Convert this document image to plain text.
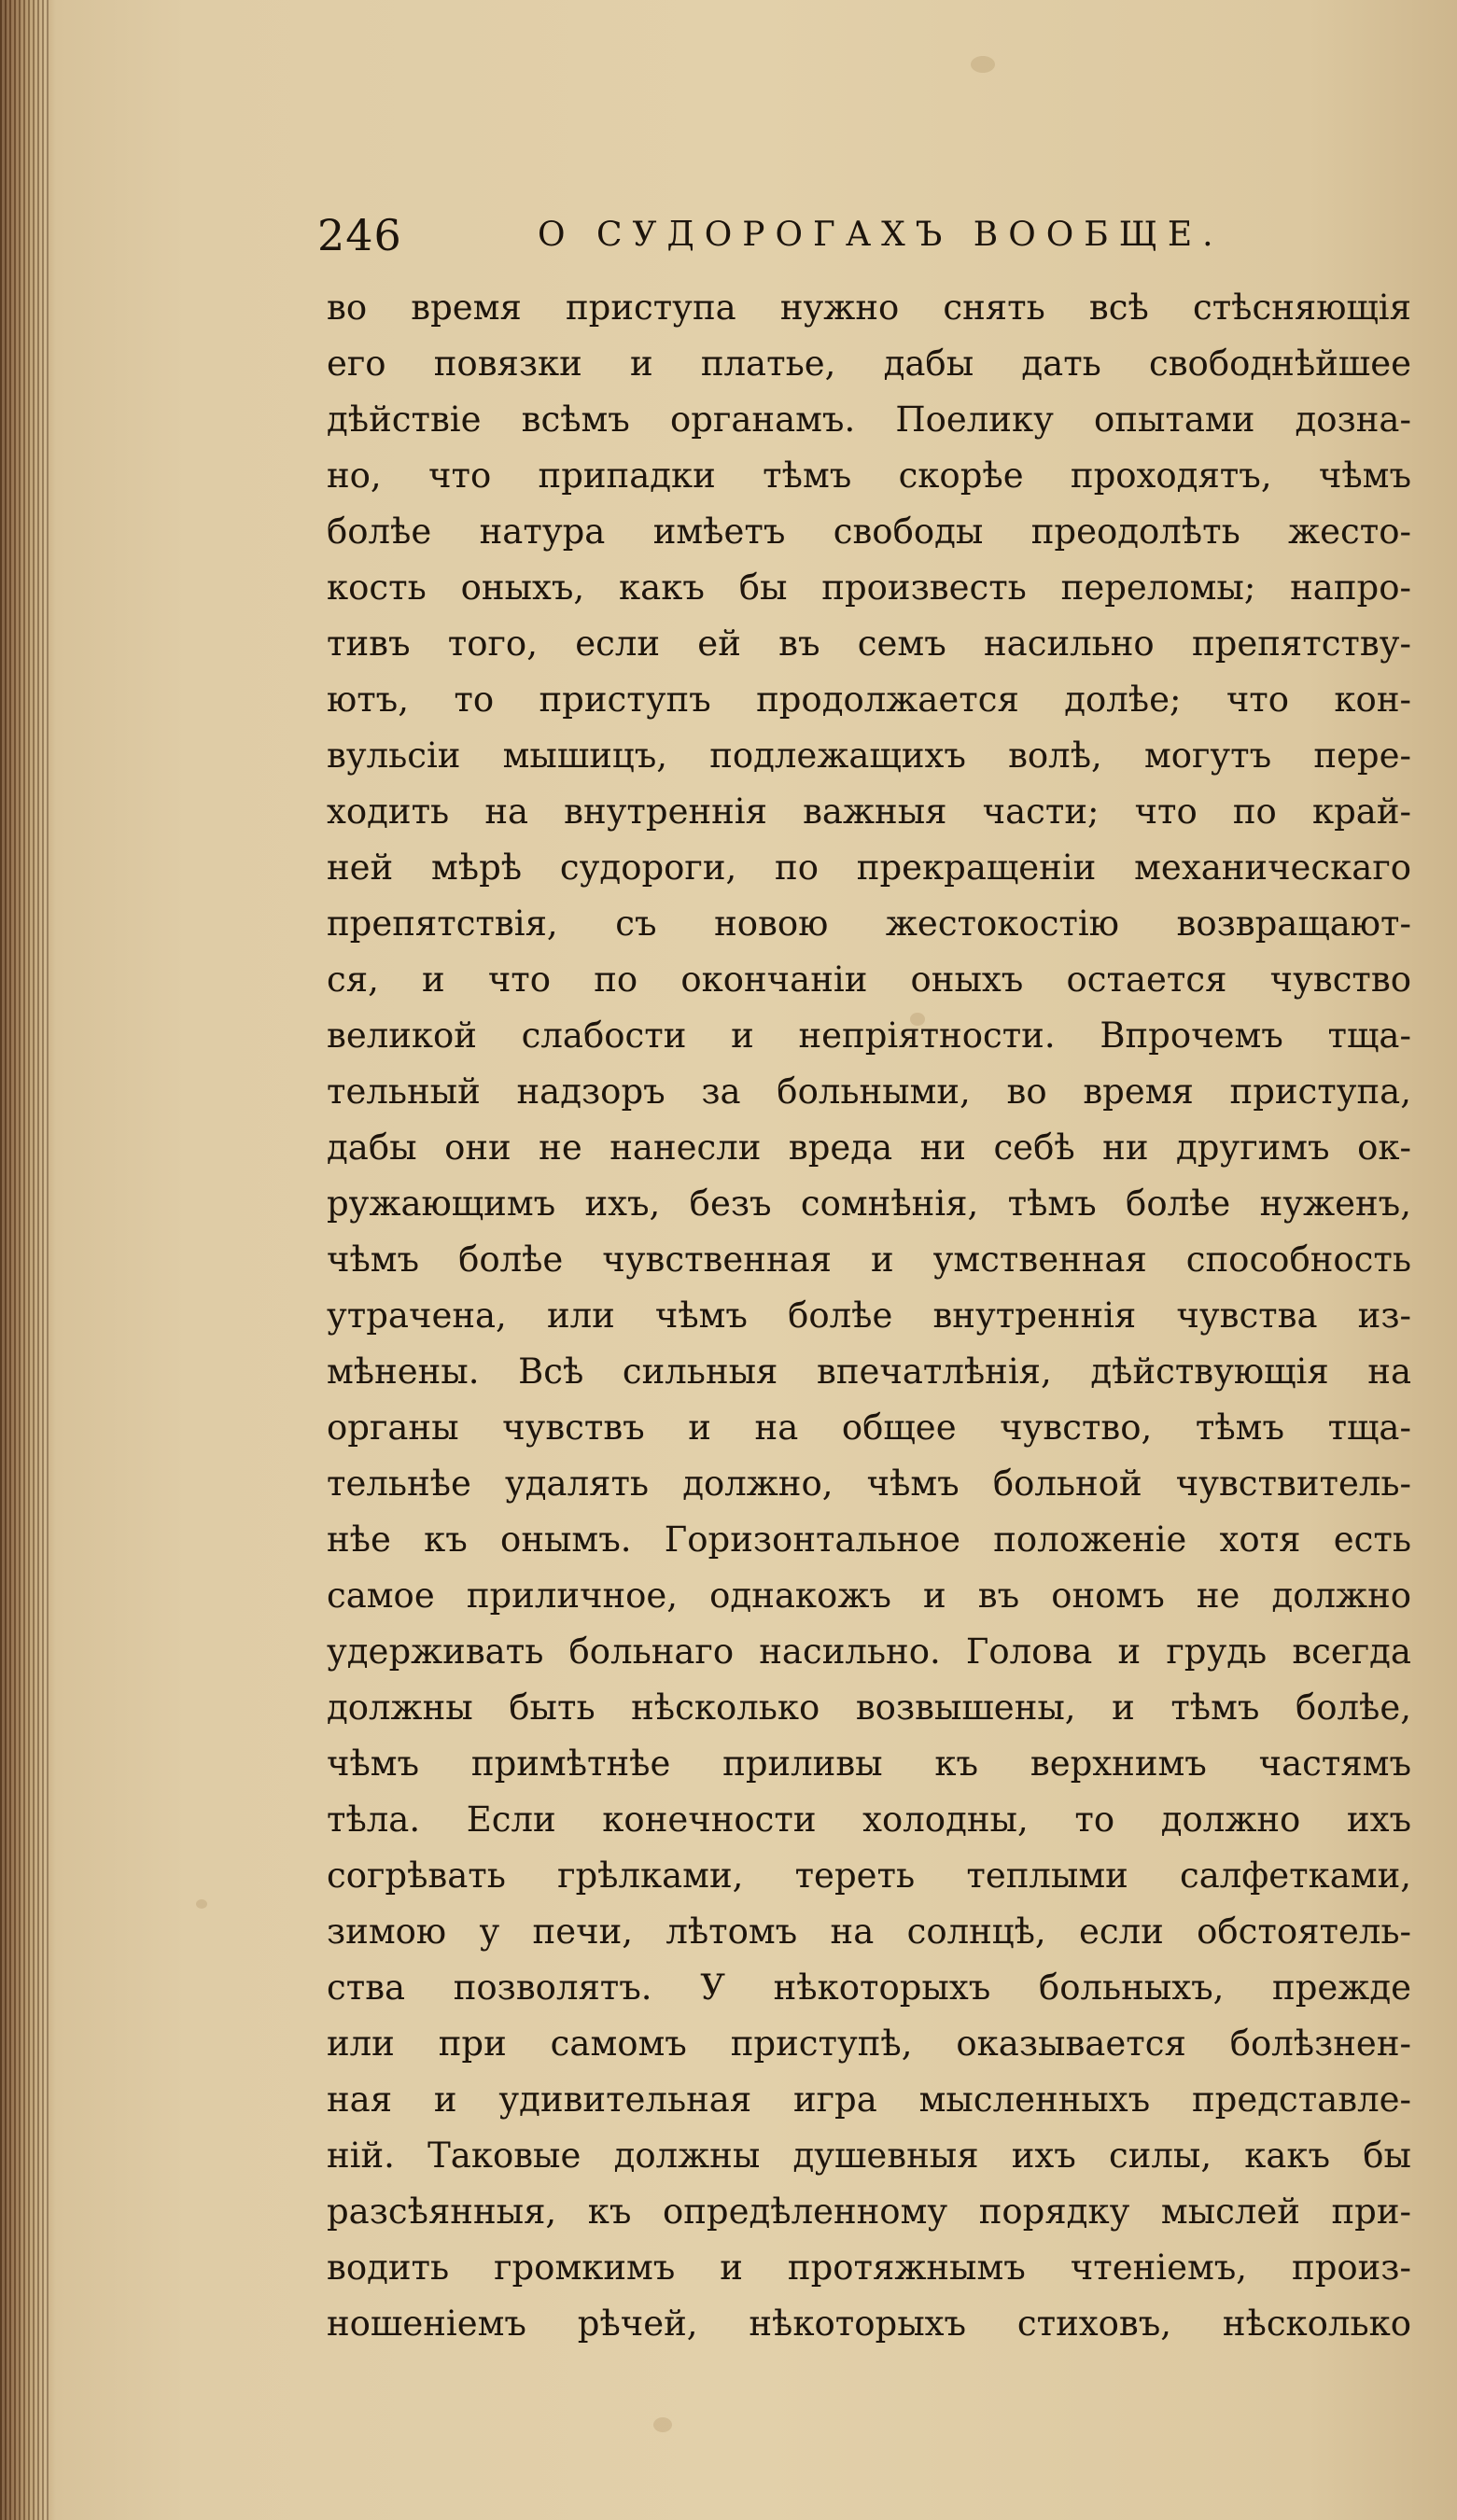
246	О СУДОРОГАХЪ ВООБЩЕ.
во время приступа нужно снять всѣ стѣсняющія
его повязки и платье, дабы дать свободнѣйшее
дѣйствіе всѣмъ органамъ. Поелику опытами дозна-
но, что припадки тѣмъ скорѣе проходятъ, чѣмъ
болѣе натура имѣетъ свободы преодолѣть жесто-
кость оныхъ, какъ бы произвесть переломы; напро-
тивъ того, если ей въ семъ насильно препятству-
ютъ, то приступъ продолжается долѣе; что кон-
вульсіи мышицъ, подлежащихъ волѣ, могутъ пере-
ходить на внутреннія важныя части; что по край-
ней мѣрѣ судороги, по прекращеніи механическаго
препятствія, съ новою жестокостію возвращают-
ся, и что по окончаніи оныхъ остается чувство
великой слабости и непріятности. Впрочемъ тща-
тельный надзоръ за больными, во время приступа,
дабы они не нанесли вреда ни себѣ ни другимъ ок-
ружающимъ ихъ, безъ сомнѣнія, тѣмъ болѣе нуженъ,
чѣмъ болѣе чувственная и умственная способность
утрачена, или чѣмъ болѣе внутреннія чувства из-
мѣнены. Всѣ сильныя впечатлѣнія, дѣйствующія на
органы чувствъ и на общее чувство, тѣмъ тща-
тельнѣе удалять должно, чѣмъ больной чувствитель-
нѣе къ онымъ. Горизонтальное положеніе хотя есть
самое приличное, однакожъ и въ ономъ не должно
удерживать больнаго насильно. Голова и грудь всегда
должны быть нѣсколько возвышены, и тѣмъ болѣе,
чѣмъ примѣтнѣе приливы къ верхнимъ частямъ
тѣла. Если конечности холодны, то должно ихъ
согрѣвать грѣлками, тереть теплыми салфетками,
зимою у печи, лѣтомъ на солнцѣ, если обстоятель-
ства позволятъ. У нѣкоторыхъ больныхъ, прежде
или при самомъ приступѣ, оказывается болѣзнен-
ная и удивительная игра мысленныхъ представле-
ній. Таковые должны душевныя ихъ силы, какъ бы
разсѣянныя, къ опредѣленному порядку мыслей при-
водить громкимъ и протяжнымъ чтеніемъ, произ-
ношеніемъ рѣчей, нѣкоторыхъ стиховъ, нѣсколько
